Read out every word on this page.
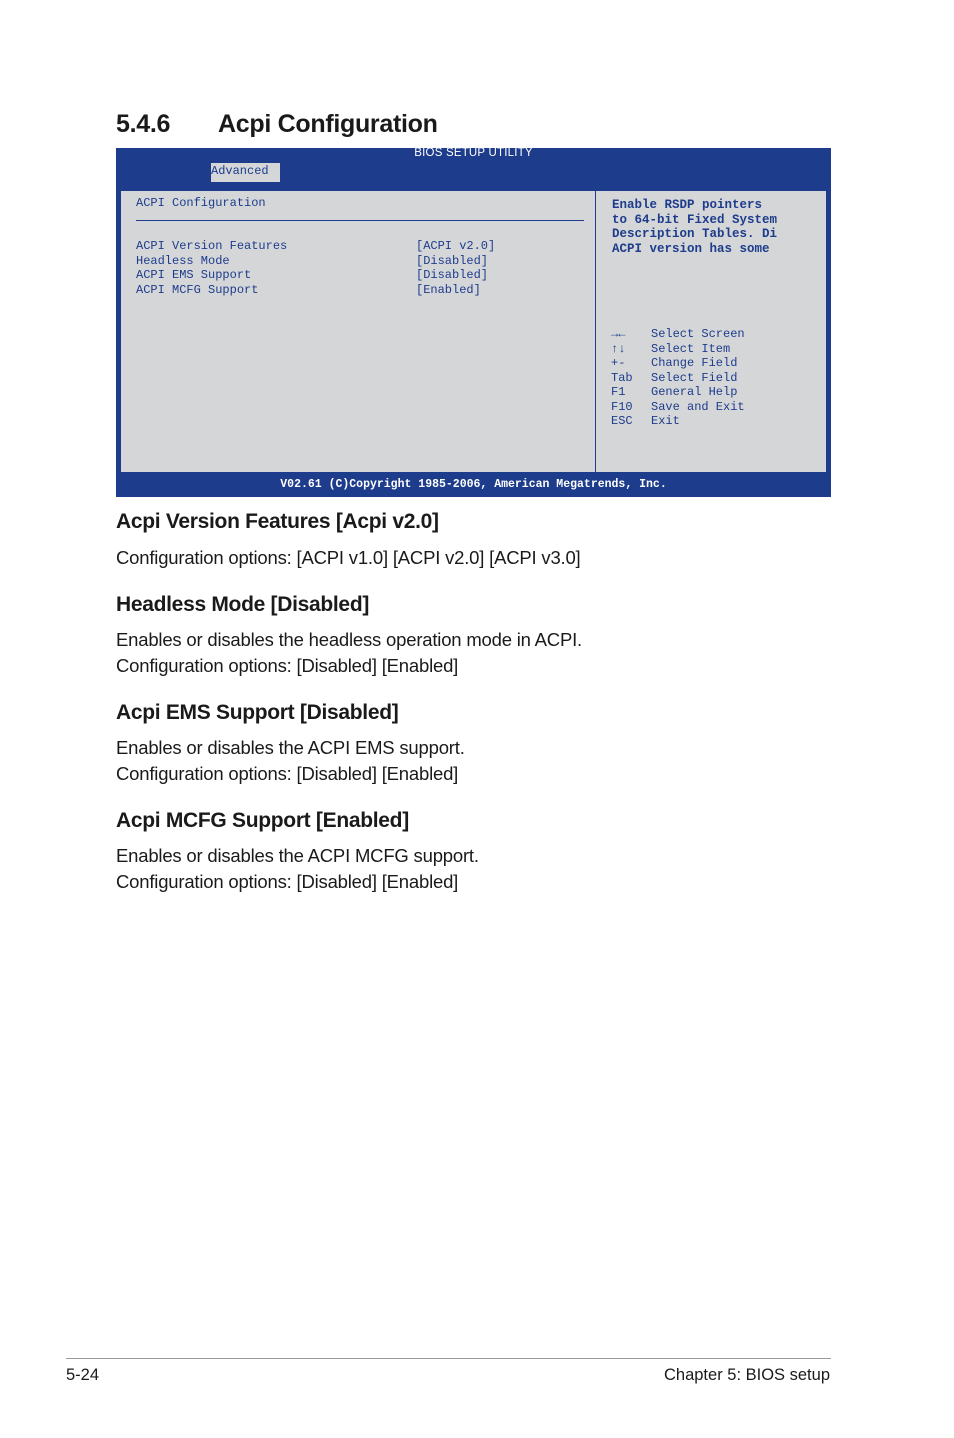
5.4.6 Acpi Configuration
BIOS SETUP UTILITY
Advanced
ACPI Configuration
ACPI Version Features	[ACPI v2.0]
Headless Mode	[Disabled]
ACPI EMS Support	[Disabled]
ACPI MCFG Support	[Enabled]
Enable RSDP pointers
to 64-bit Fixed System
Description Tables. Di
ACPI version has some
→← Select Screen
↑↓ Select Item
+- Change Field
Tab Select Field
F1 General Help
F10 Save and Exit
ESC Exit
V02.61 (C)Copyright 1985-2006, American Megatrends, Inc.
Acpi Version Features [Acpi v2.0]

Configuration options: [ACPI v1.0] [ACPI v2.0] [ACPI v3.0]

Headless Mode [Disabled]

Enables or disables the headless operation mode in ACPI.

Configuration options: [Disabled] [Enabled]

Acpi EMS Support [Disabled]

Enables or disables the ACPI EMS support.

Configuration options: [Disabled] [Enabled]

Acpi MCFG Support [Enabled]

Enables or disables the ACPI MCFG support.

Configuration options: [Disabled] [Enabled]

5-24	Chapter 5: BIOS setup
